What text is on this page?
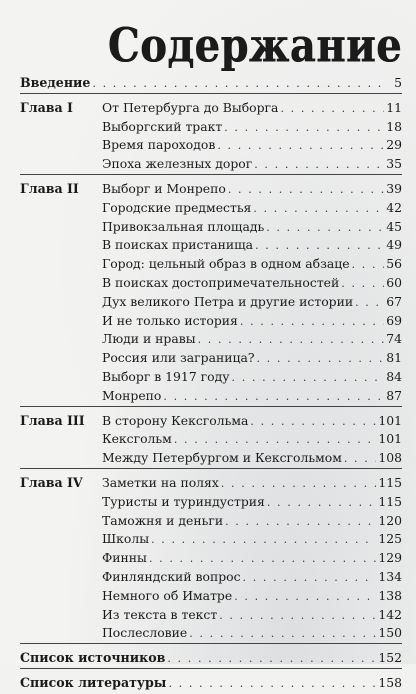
Содержание
Введение . . .	5
Глава I	От Петербурга до Выборга . . .	11
Выборгский тракт . . .	18
Время пароходов . . .	29
Эпоха железных дорог . . .	35
Глава II	Выборг и Монрепо . . .	39
Городские предместья . . .	42
Привокзальная площадь . . .	45
В поисках пристанища . . .	49
Город: цельный образ в одном абзаце . . .	56
В поисках достопримечательностей . . .	60
Дух великого Петра и другие истории . . .	67
И не только история . . .	69
Люди и нравы . . .	74
Россия или заграница? . . .	81
Выборг в 1917 году . . .	84
Монрепо . . .	87
Глава III	В сторону Кексгольма . . .	101
Кексгольм . . .	101
Между Петербургом и Кексгольмом . . .	108
Глава IV	Заметки на полях . . .	115
Туристы и туриндустрия . . .	115
Таможня и деньги . . .	120
Школы . . .	125
Финны . . .	129
Финляндский вопрос . . .	134
Немного об Иматре . . .	138
Из текста в текст . . .	142
Послесловие . . .	150
Список источников . . .	152
Список литературы . . .	158
